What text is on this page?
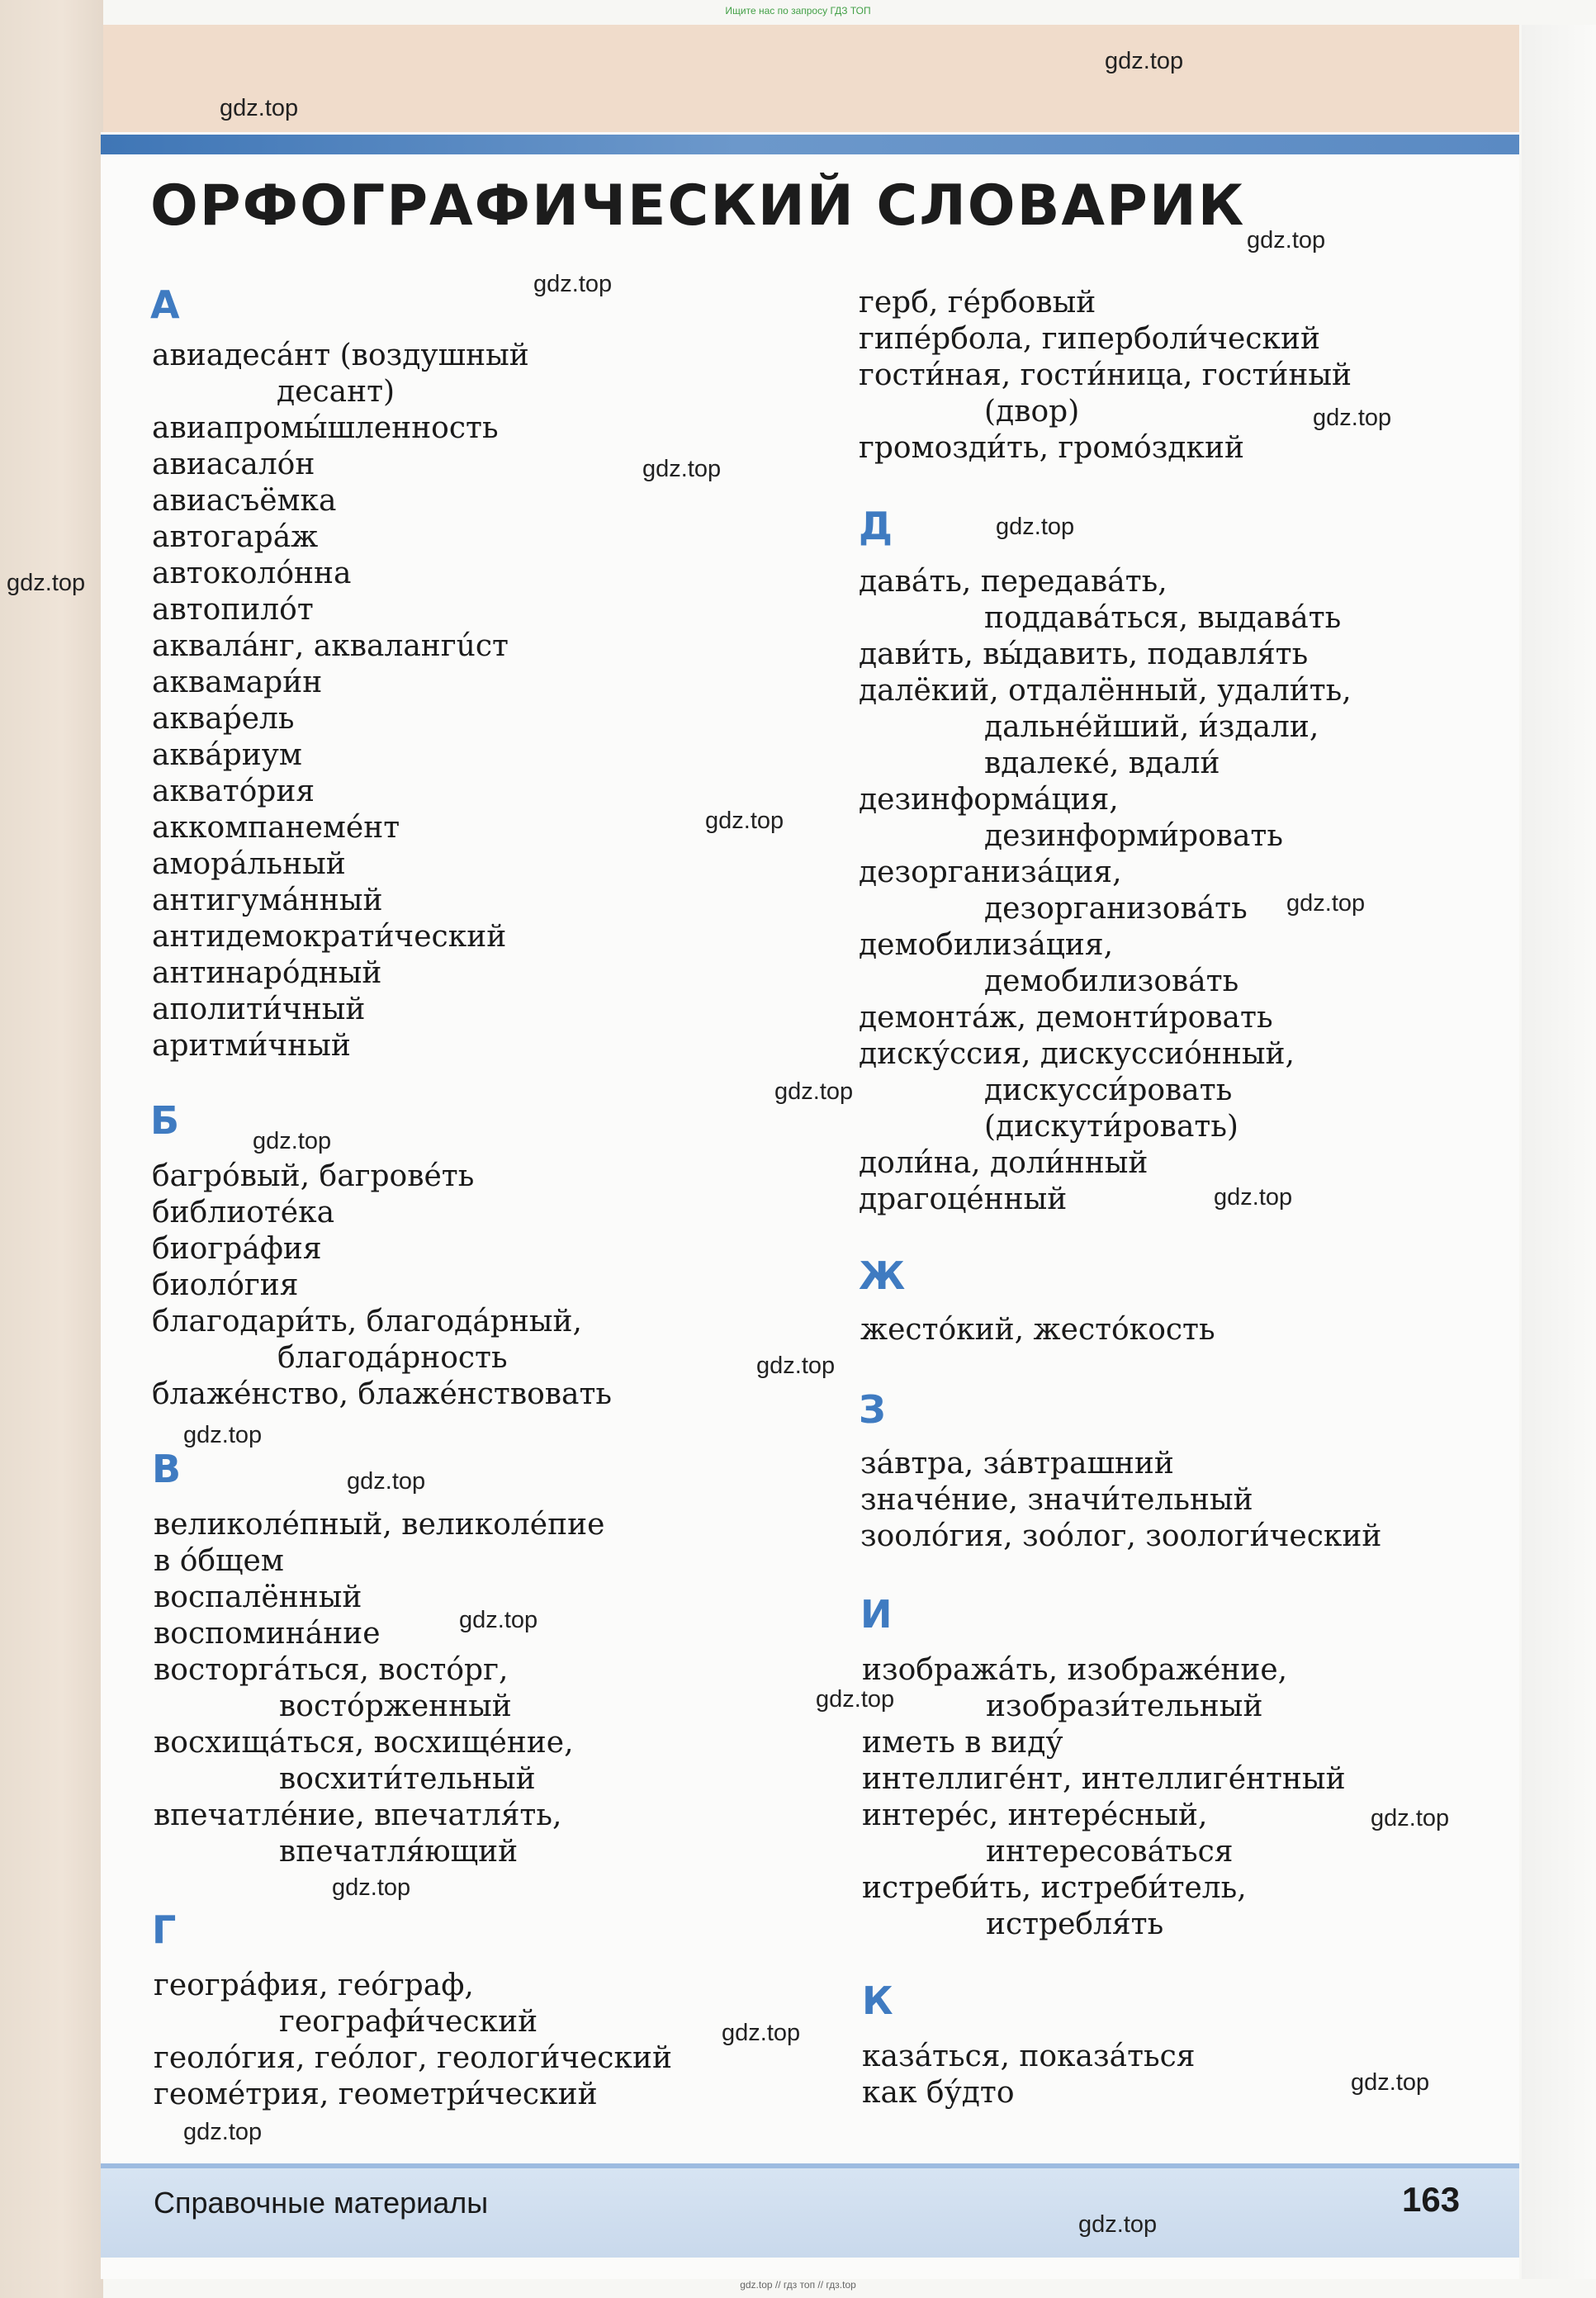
Ищите нас по запросу ГДЗ ТОП
gdz.top // гдз топ // гдз.top
ОРФОГРАФИЧЕСКИЙ СЛОВАРИК
А
авиадеса́нт (воздушный
десант)
авиапромы́шленность
авиасало́н
авиасъёмка
автогара́ж
автоколо́нна
автопило́т
аквала́нг, аквалангúст
аквамари́н
аквар́ель
аква́риум
аквато́рия
аккомпанеме́нт
амора́льный
антигума́нный
антидемократи́ческий
антинаро́дный
аполити́чный
аритми́чный
Б
багро́вый, багрове́ть
библиоте́ка
биогра́фия
биоло́гия
благодари́ть, благода́рный,
благода́рность
блаже́нство, блаже́нствовать
В
великоле́пный, великоле́пие
в о́бщем
воспалённый
воспомина́ние
восторга́ться, восто́рг,
восто́рженный
восхища́ться, восхище́ние,
восхити́тельный
впечатле́ние, впечатля́ть,
впечатля́ющий
Г
геогра́фия, гео́граф,
географи́ческий
геоло́гия, гео́лог, геологи́ческий
геоме́трия, геометри́ческий
герб, ге́рбовый
гипе́рбола, гиперболи́ческий
гости́ная, гости́ница, гости́ный
(двор)
громозди́ть, громо́здкий
Д
дава́ть, передава́ть,
поддава́ться, выдава́ть
дави́ть, вы́давить, подавля́ть
далёкий, отдалённый, удали́ть,
дальне́йший, и́здали,
вдалеке́, вдали́
дезинформа́ция,
дезинформи́ровать
дезорганиза́ция,
дезорганизова́ть
демобилиза́ция,
демобилизова́ть
демонта́ж, демонти́ровать
диску́ссия, дискуссио́нный,
дискусси́ровать
(дискути́ровать)
доли́на, доли́нный
драгоце́нный
Ж
жесто́кий, жесто́кость
З
за́втра, за́втрашний
значе́ние, значи́тельный
зооло́гия, зоо́лог, зоологи́ческий
И
изобража́ть, изображе́ние,
изобрази́тельный
иметь в виду́
интеллиге́нт, интеллиге́нтный
интере́с, интере́сный,
интересова́ться
истреби́ть, истреби́тель,
истребля́ть
К
каза́ться, показа́ться
как бу́дто
Справочные материалы	163
gdz.top
gdz.top
gdz.top
gdz.top
gdz.top
gdz.top
gdz.top
gdz.top
gdz.top
gdz.top
gdz.top
gdz.top
gdz.top
gdz.top
gdz.top
gdz.top
gdz.top
gdz.top
gdz.top
gdz.top
gdz.top
gdz.top
gdz.top
gdz.top
